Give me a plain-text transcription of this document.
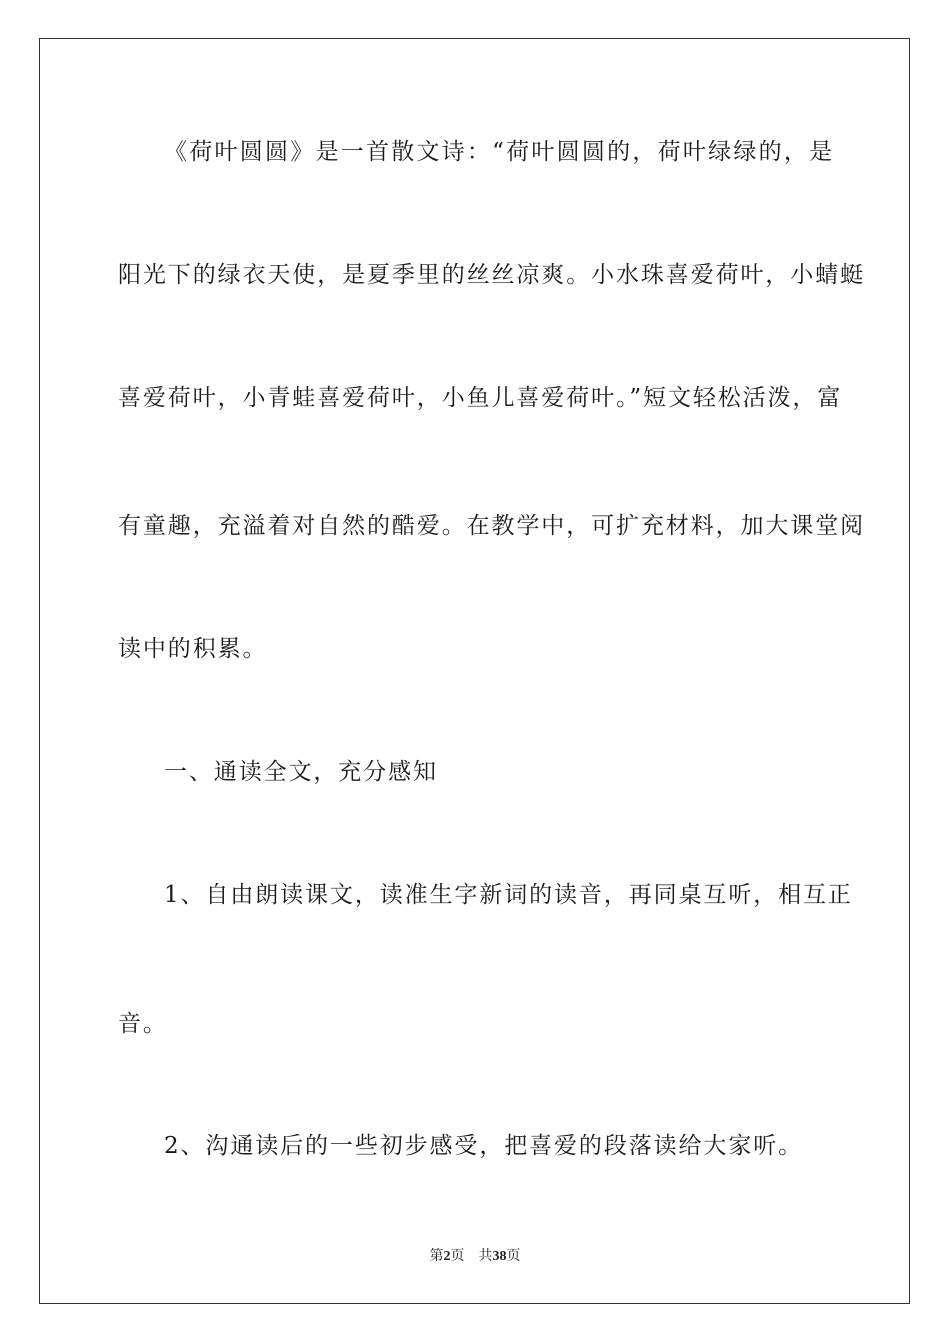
《荷叶圆圆》是一首散文诗：“荷叶圆圆的，荷叶绿绿的，是
阳光下的绿衣天使，是夏季里的丝丝凉爽。小水珠喜爱荷叶，小蜻蜓
喜爱荷叶，小青蛙喜爱荷叶，小鱼儿喜爱荷叶。”短文轻松活泼，富
有童趣，充溢着对自然的酷爱。在教学中，可扩充材料，加大课堂阅
读中的积累。
一、通读全文，充分感知
1、自由朗读课文，读准生字新词的读音，再同桌互听，相互正
音。
2、沟通读后的一些初步感受，把喜爱的段落读给大家听。
第2页 共38页
